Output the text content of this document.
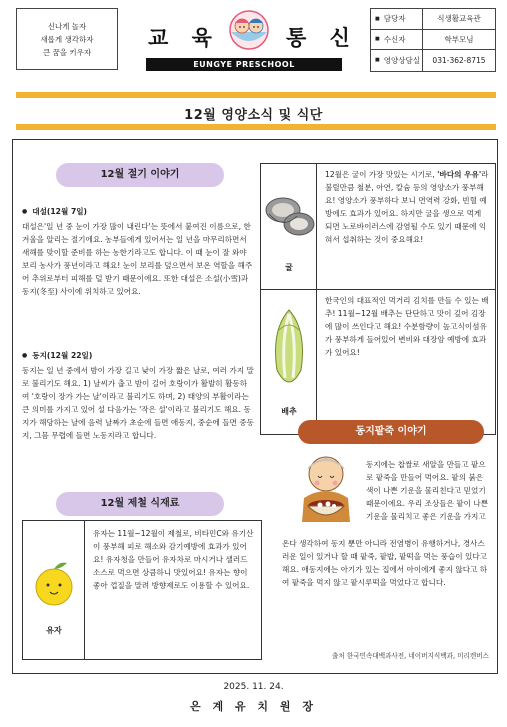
신나게 놀자
새롭게 생각하자
큰 꿈을 키우자
교 육	통 신
EUNGYE PRESCHOOL
■ 담당자	식생활교육관
■ 수신자	학부모님
■ 영양상담실	031-362-8715
12월 영양소식 및 식단
12월 절기 이야기

● 대설(12월 7일)

대설은'일 년 중 눈이 가장 많이 내린다'는 뜻에서 붙여진 이름으로, 한겨울을 알리는 절기에요. 농부들에게 있어서는 일 년을 마무리하면서 새해를 맞이할 준비를 하는 농한기라고도 합니다. 이 때 눈이 잘 와야 보리 농사가 풍년이라고 해요! 눈이 보리를 덮으면서 보온 역할을 해주어 추위로부터 피해를 덜 받기 때문이에요. 또한 대설은 소설(小雪)과 동지(冬至) 사이에 위치하고 있어요.

● 동지(12월 22일)

동지는 일 년 중에서 밤이 가장 길고 낮이 가장 짧은 날로, 여러 가지 말로 불리기도 해요. 1) 날씨가 춥고 밤이 길어 호랑이가 활발히 활동하여 '호랑이 장가 가는 날'이라고 불리기도 하며, 2) 태양의 부활이라는 큰 의미를 가지고 있어 설 다음가는 '작은 설'이라고 불리기도 해요. 동지가 해당하는 날에 음력 날짜가 초순에 들면 애동지, 중순에 들면 중동지, 그믐 무렵에 들면 노동지라고 합니다.

굴
12월은 굴이 가장 맛있는 시기로, '바다의 우유'라 불릴만큼 철분, 아연, 칼슘 등의 영양소가 풍부해요! 영양소가 풍부하다 보니 면역력 강화, 빈혈 예방에도 효과가 있어요. 하지만 굴을 생으로 먹게 되면 노로바이러스에 감염될 수도 있기 때문에 익혀서 섭취하는 것이 중요해요!
배추
한국인의 대표적인 먹거리 김치를 만들 수 있는 배추! 11월~12월 배추는 단단하고 맛이 깊어 김장에 많이 쓰인다고 해요! 수분함량이 높고식이섬유가 풍부하게 들어있어 변비와 대장암 예방에 효과가 있어요!
동지팥죽 이야기

동지에는 찹쌀로 새알을 만들고 팥으로 팥죽을 만들어 먹어요. 팥의 붉은 색이 나쁜 기운을 물리친다고 믿었기 때문이에요. 우리 조상들은 팥이 나쁜 기운을 물리치고 좋은 기운을 가지고

온다 생각하여 동지 뿐만 아니라 전염병이 유행하거나, 경사스러운 일이 있거나 할 때 팥죽, 팥밥, 팥떡을 먹는 풍습이 있다고 해요. 애동지에는 아기가 있는 집에서 아이에게 좋지 않다고 하여 팥죽을 먹지 않고 팥시루떡을 먹었다고 합니다.

출처 한국민속대백과사전, 네이버지식백과, 미리캔버스
12월 제철 식재료
유자
유자는 11월~12월이 제철로, 비타민C와 유기산이 풍부해 피로 해소와 감기예방에 효과가 있어요! 유자청을 만들어 유자차로 마시거나 샐러드 소스로 먹으면 상큼하니 맛있어요! 유자는 향이 좋아 껍질을 말려 방향제로도 이용할 수 있어요.
2025. 11. 24.
은 계 유 치 원 장
